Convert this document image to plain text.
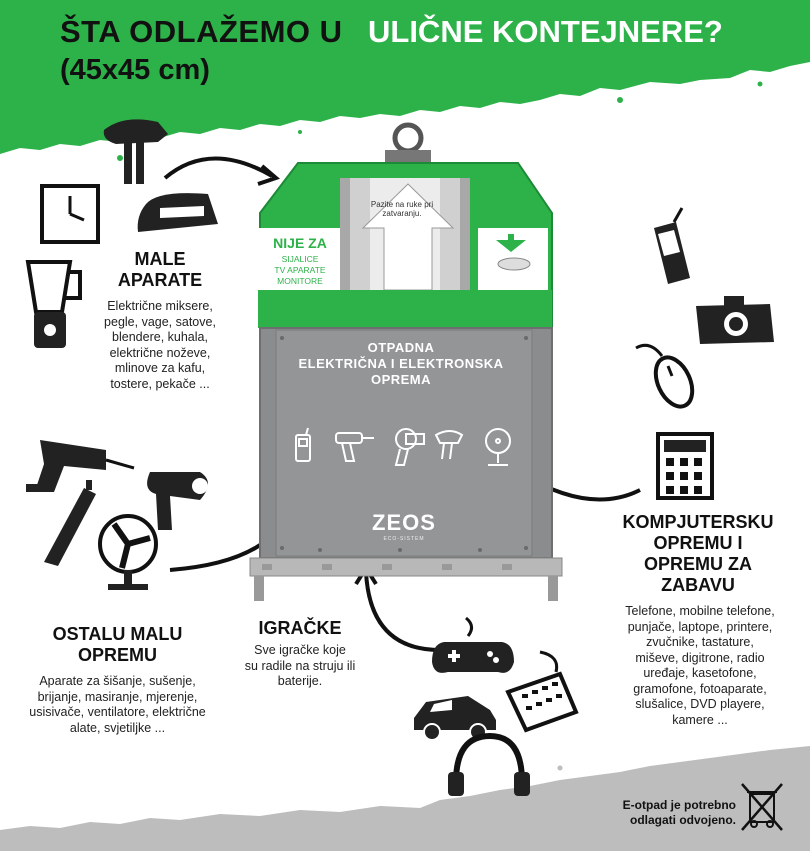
ŠTA ODLAŽEMO U ULIČNE KONTEJNERE?
(45x45 cm)
Pazite na ruke pri zatvaranju.
NIJE ZA
SIJALICE
TV APARATE
MONITORE
OTPADNA
ELEKTRIČNA I ELEKTRONSKA
OPREMA
ZEOS
ECO-SISTEM
MALE
APARATE
Električne miksere,
pegle, vage, satove,
blendere, kuhala,
električne noževe,
mlinove za kafu,
tostere, pekače ...
OSTALU MALU
OPREMU
Aparate za šišanje, sušenje,
brijanje, masiranje, mjerenje,
usisivače, ventilatore, električne
alate, svjetiljke ...
IGRAČKE
Sve igračke koje
su radile na struju ili
baterije.
KOMPJUTERSKU
OPREMU I
OPREMU ZA
ZABAVU
Telefone, mobilne telefone,
punjače, laptope, printere,
zvučnike, tastature,
miševe, digitrone, radio
uređaje, kasetofone,
gramofone, fotoaparate,
slušalice, DVD playere,
kamere ...
E-otpad je potrebno
odlagati odvojeno.
